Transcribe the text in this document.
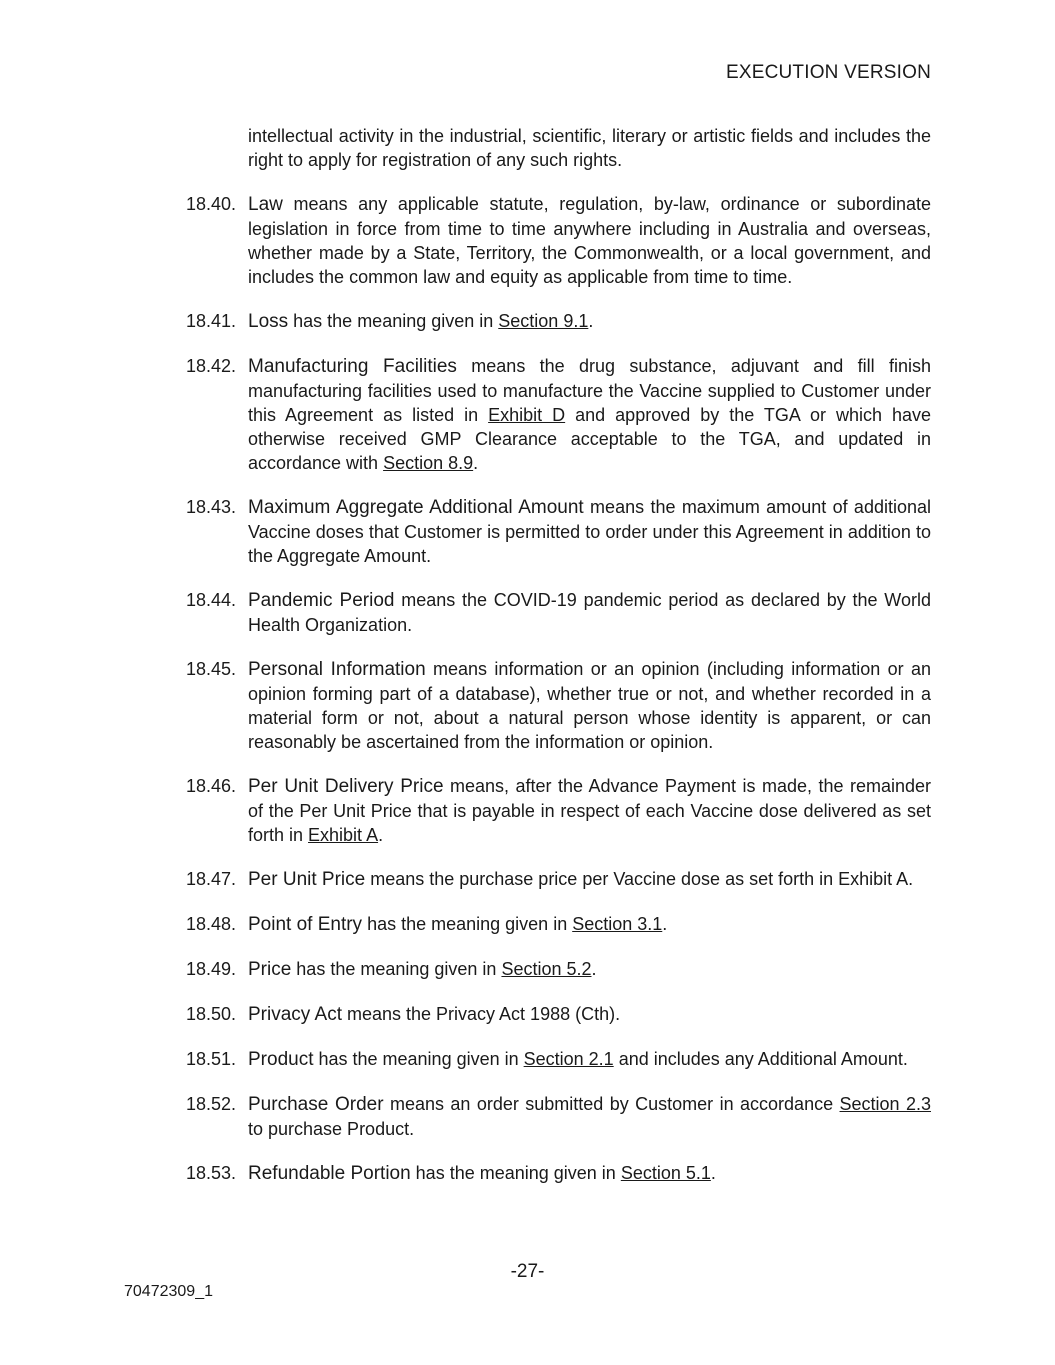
EXECUTION VERSION
intellectual activity in the industrial, scientific, literary or artistic fields and includes the right to apply for registration of any such rights.
18.40. Law means any applicable statute, regulation, by-law, ordinance or subordinate legislation in force from time to time anywhere including in Australia and overseas, whether made by a State, Territory, the Commonwealth, or a local government, and includes the common law and equity as applicable from time to time.
18.41. Loss has the meaning given in Section 9.1.
18.42. Manufacturing Facilities means the drug substance, adjuvant and fill finish manufacturing facilities used to manufacture the Vaccine supplied to Customer under this Agreement as listed in Exhibit D and approved by the TGA or which have otherwise received GMP Clearance acceptable to the TGA, and updated in accordance with Section 8.9.
18.43. Maximum Aggregate Additional Amount means the maximum amount of additional Vaccine doses that Customer is permitted to order under this Agreement in addition to the Aggregate Amount.
18.44. Pandemic Period means the COVID-19 pandemic period as declared by the World Health Organization.
18.45. Personal Information means information or an opinion (including information or an opinion forming part of a database), whether true or not, and whether recorded in a material form or not, about a natural person whose identity is apparent, or can reasonably be ascertained from the information or opinion.
18.46. Per Unit Delivery Price means, after the Advance Payment is made, the remainder of the Per Unit Price that is payable in respect of each Vaccine dose delivered as set forth in Exhibit A.
18.47. Per Unit Price means the purchase price per Vaccine dose as set forth in Exhibit A.
18.48. Point of Entry has the meaning given in Section 3.1.
18.49. Price has the meaning given in Section 5.2.
18.50. Privacy Act means the Privacy Act 1988 (Cth).
18.51. Product has the meaning given in Section 2.1 and includes any Additional Amount.
18.52. Purchase Order means an order submitted by Customer in accordance Section 2.3 to purchase Product.
18.53. Refundable Portion has the meaning given in Section 5.1.
-27-
70472309_1
